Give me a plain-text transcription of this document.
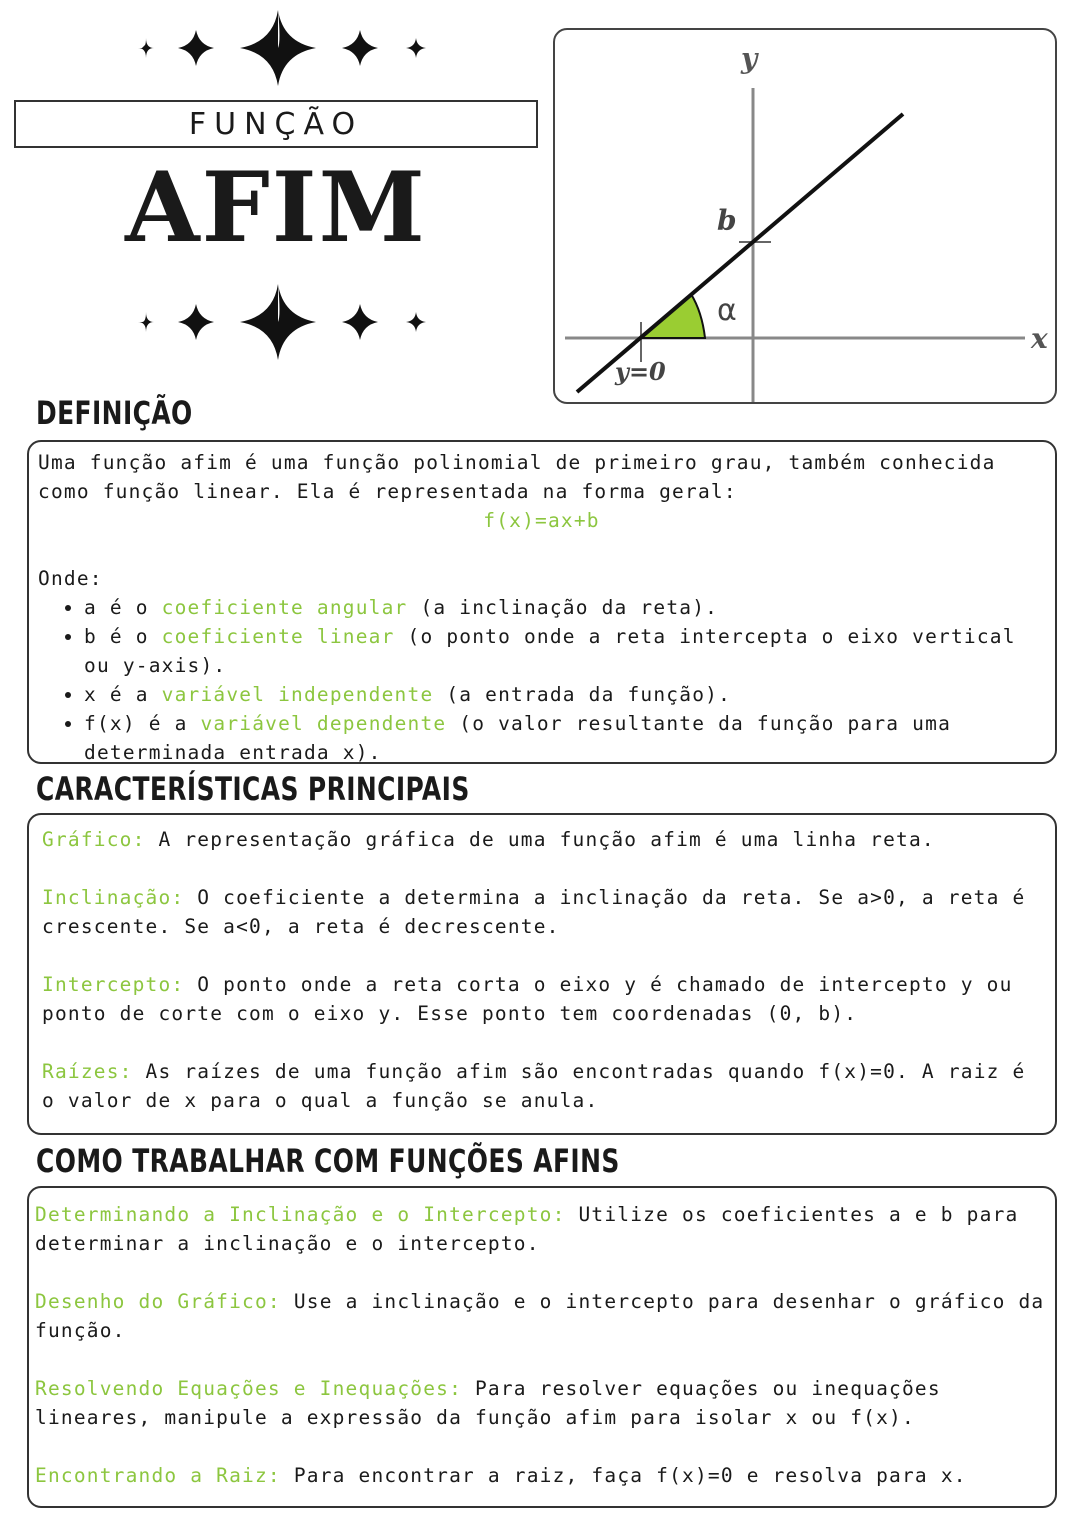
FUNÇÃO
AFIM
y
x
b
α
y=0
DEFINIÇÃO

Uma função afim é uma função polinomial de primeiro grau, também conhecida como função linear. Ela é representada na forma geral:

f(x)=ax+b

Onde:

• a é o coeficiente angular (a inclinação da reta).
• b é o coeficiente linear (o ponto onde a reta intercepta o eixo vertical ou y-axis).
• x é a variável independente (a entrada da função).
• f(x) é a variável dependente (o valor resultante da função para uma determinada entrada x).
CARACTERÍSTICAS PRINCIPAIS

Gráfico: A representação gráfica de uma função afim é uma linha reta.

Inclinação: O coeficiente a determina a inclinação da reta. Se a>0, a reta é crescente. Se a<0, a reta é decrescente.

Intercepto: O ponto onde a reta corta o eixo y é chamado de intercepto y ou ponto de corte com o eixo y. Esse ponto tem coordenadas (0, b).

Raízes: As raízes de uma função afim são encontradas quando f(x)=0. A raiz é o valor de x para o qual a função se anula.

COMO TRABALHAR COM FUNÇÕES AFINS

Determinando a Inclinação e o Intercepto: Utilize os coeficientes a e b para determinar a inclinação e o intercepto.

Desenho do Gráfico: Use a inclinação e o intercepto para desenhar o gráfico da função.

Resolvendo Equações e Inequações: Para resolver equações ou inequações lineares, manipule a expressão da função afim para isolar x ou f(x).

Encontrando a Raiz: Para encontrar a raiz, faça f(x)=0 e resolva para x.
